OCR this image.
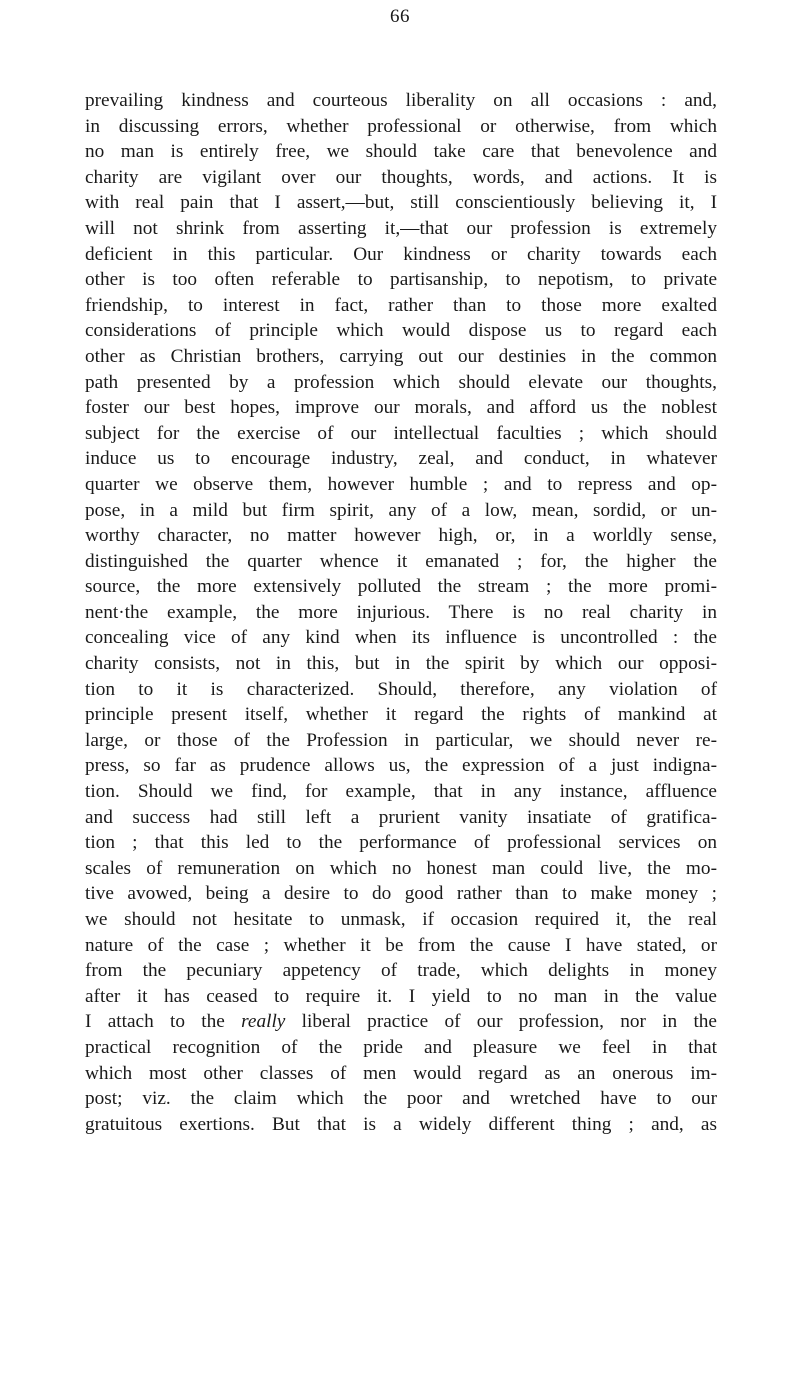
66
prevailing kindness and courteous liberality on all occasions : and,
in discussing errors, whether professional or otherwise, from which
no man is entirely free, we should take care that benevolence and
charity are vigilant over our thoughts, words, and actions. It is
with real pain that I assert,—but, still conscientiously believing it, I
will not shrink from asserting it,—that our profession is extremely
deficient in this particular. Our kindness or charity towards each
other is too often referable to partisanship, to nepotism, to private
friendship, to interest in fact, rather than to those more exalted
considerations of principle which would dispose us to regard each
other as Christian brothers, carrying out our destinies in the common
path presented by a profession which should elevate our thoughts,
foster our best hopes, improve our morals, and afford us the noblest
subject for the exercise of our intellectual faculties ; which should
induce us to encourage industry, zeal, and conduct, in whatever
quarter we observe them, however humble ; and to repress and op-
pose, in a mild but firm spirit, any of a low, mean, sordid, or un-
worthy character, no matter however high, or, in a worldly sense,
distinguished the quarter whence it emanated ; for, the higher the
source, the more extensively polluted the stream ; the more promi-
nent·the example, the more injurious. There is no real charity in
concealing vice of any kind when its influence is uncontrolled : the
charity consists, not in this, but in the spirit by which our opposi-
tion to it is characterized. Should, therefore, any violation of
principle present itself, whether it regard the rights of mankind at
large, or those of the Profession in particular, we should never re-
press, so far as prudence allows us, the expression of a just indigna-
tion. Should we find, for example, that in any instance, affluence
and success had still left a prurient vanity insatiate of gratifica-
tion ; that this led to the performance of professional services on
scales of remuneration on which no honest man could live, the mo-
tive avowed, being a desire to do good rather than to make money ;
we should not hesitate to unmask, if occasion required it, the real
nature of the case ; whether it be from the cause I have stated, or
from the pecuniary appetency of trade, which delights in money
after it has ceased to require it. I yield to no man in the value
I attach to the really liberal practice of our profession, nor in the
practical recognition of the pride and pleasure we feel in that
which most other classes of men would regard as an onerous im-
post; viz. the claim which the poor and wretched have to our
gratuitous exertions. But that is a widely different thing ; and, as
